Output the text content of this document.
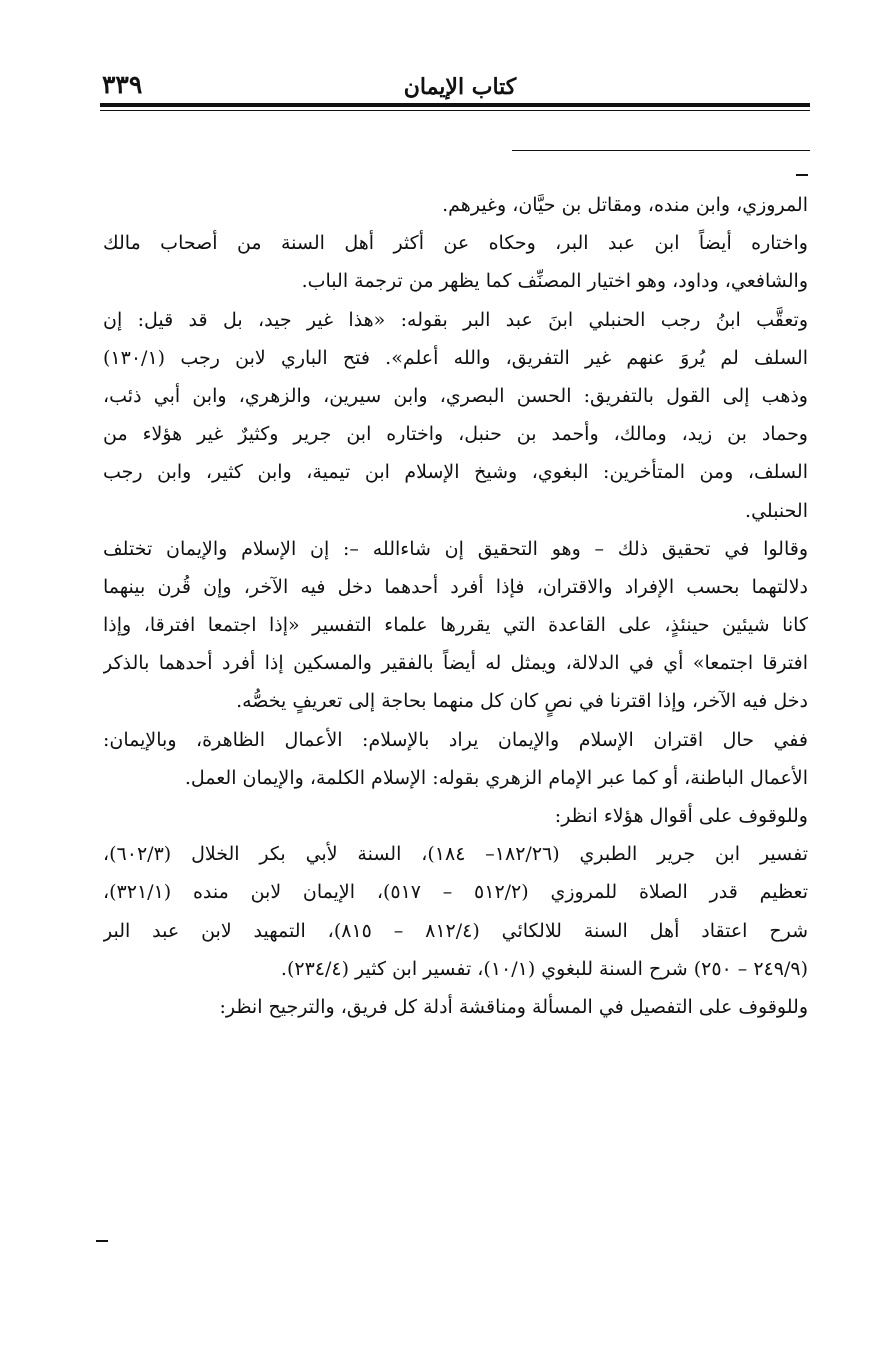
٣٣٩	كتاب الإيمان
المروزي، وابن منده، ومقاتل بن حيَّان، وغيرهم.
واختاره أيضاً ابن عبد البر، وحكاه عن أكثر أهل السنة من أصحاب مالك
والشافعي، وداود، وهو اختيار المصنِّف كما يظهر من ترجمة الباب.
وتعقَّب ابنُ رجب الحنبلي ابنَ عبد البر بقوله: «هذا غير جيد، بل قد قيل: إن
السلف لم يُروَ عنهم غير التفريق، والله أعلم». فتح الباري لابن رجب (١٣٠/١)
وذهب إلى القول بالتفريق: الحسن البصري، وابن سيرين، والزهري، وابن أبي ذئب،
وحماد بن زيد، ومالك، وأحمد بن حنبل، واختاره ابن جرير وكثيرٌ غير هؤلاء من
السلف، ومن المتأخرين: البغوي، وشيخ الإسلام ابن تيمية، وابن كثير، وابن رجب
الحنبلي.
وقالوا في تحقيق ذلك – وهو التحقيق إن شاءالله –: إن الإسلام والإيمان تختلف
دلالتهما بحسب الإفراد والاقتران، فإذا أفرد أحدهما دخل فيه الآخر، وإن قُرن بينهما
كانا شيئين حينئذٍ، على القاعدة التي يقررها علماء التفسير «إذا اجتمعا افترقا، وإذا
افترقا اجتمعا» أي في الدلالة، ويمثل له أيضاً بالفقير والمسكين إذا أفرد أحدهما بالذكر
دخل فيه الآخر، وإذا اقترنا في نصٍ كان كل منهما بحاجة إلى تعريفٍ يخصُّه.
ففي حال اقتران الإسلام والإيمان يراد بالإسلام: الأعمال الظاهرة، وبالإيمان:
الأعمال الباطنة، أو كما عبر الإمام الزهري بقوله: الإسلام الكلمة، والإيمان العمل.
وللوقوف على أقوال هؤلاء انظر:
تفسير ابن جرير الطبري (١٨٢/٢٦– ١٨٤)، السنة لأبي بكر الخلال (٦٠٢/٣)،
تعظيم قدر الصلاة للمروزي (٥١٢/٢ – ٥١٧)، الإيمان لابن منده (٣٢١/١)،
شرح اعتقاد أهل السنة للالكائي (٨١٢/٤ – ٨١٥)، التمهيد لابن عبد البر
(٢٤٩/٩ – ٢٥٠) شرح السنة للبغوي (١٠/١)، تفسير ابن كثير (٢٣٤/٤).
وللوقوف على التفصيل في المسألة ومناقشة أدلة كل فريق، والترجيح انظر:
